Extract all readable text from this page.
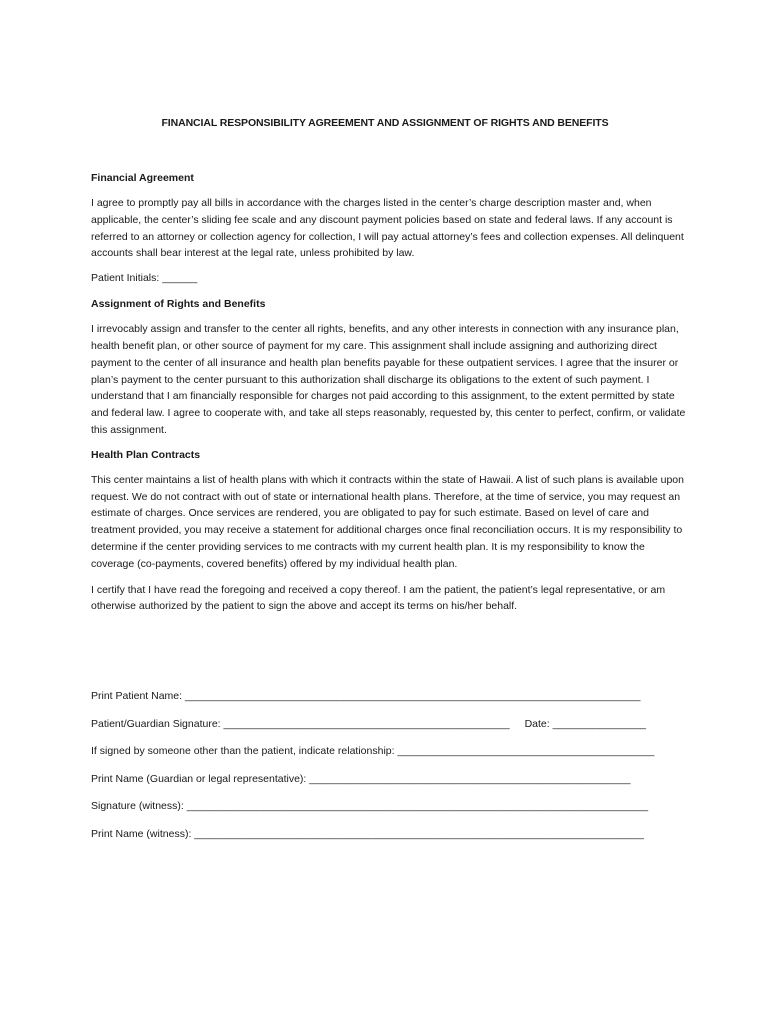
FINANCIAL RESPONSIBILITY AGREEMENT AND ASSIGNMENT OF RIGHTS AND BENEFITS
Financial Agreement

I agree to promptly pay all bills in accordance with the charges listed in the center’s charge description master and, when applicable, the center’s sliding fee scale and any discount payment policies based on state and federal laws. If any account is referred to an attorney or collection agency for collection, I will pay actual attorney’s fees and collection expenses. All delinquent accounts shall bear interest at the legal rate, unless prohibited by law.

Patient Initials: ______
Assignment of Rights and Benefits

I irrevocably assign and transfer to the center all rights, benefits, and any other interests in connection with any insurance plan, health benefit plan, or other source of payment for my care. This assignment shall include assigning and authorizing direct payment to the center of all insurance and health plan benefits payable for these outpatient services. I agree that the insurer or plan’s payment to the center pursuant to this authorization shall discharge its obligations to the extent of such payment. I understand that I am financially responsible for charges not paid according to this assignment, to the extent permitted by state and federal law. I agree to cooperate with, and take all steps reasonably, requested by, this center to perfect, confirm, or validate this assignment.

Health Plan Contracts

This center maintains a list of health plans with which it contracts within the state of Hawaii. A list of such plans is available upon request. We do not contract with out of state or international health plans. Therefore, at the time of service, you may request an estimate of charges. Once services are rendered, you are obligated to pay for such estimate. Based on level of care and treatment provided, you may receive a statement for additional charges once final reconciliation occurs. It is my responsibility to determine if the center providing services to me contracts with my current health plan. It is my responsibility to know the coverage (co-payments, covered benefits) offered by my individual health plan.

I certify that I have read the foregoing and received a copy thereof. I am the patient, the patient’s legal representative, or am otherwise authorized by the patient to sign the above and accept its terms on his/her behalf.

Print Patient Name: ______________________________________________________________________________
Patient/Guardian Signature: _________________________________________________ Date: ________________
If signed by someone other than the patient, indicate relationship: ____________________________________________
Print Name (Guardian or legal representative): _______________________________________________________
Signature (witness): _______________________________________________________________________________
Print Name (witness): _____________________________________________________________________________
